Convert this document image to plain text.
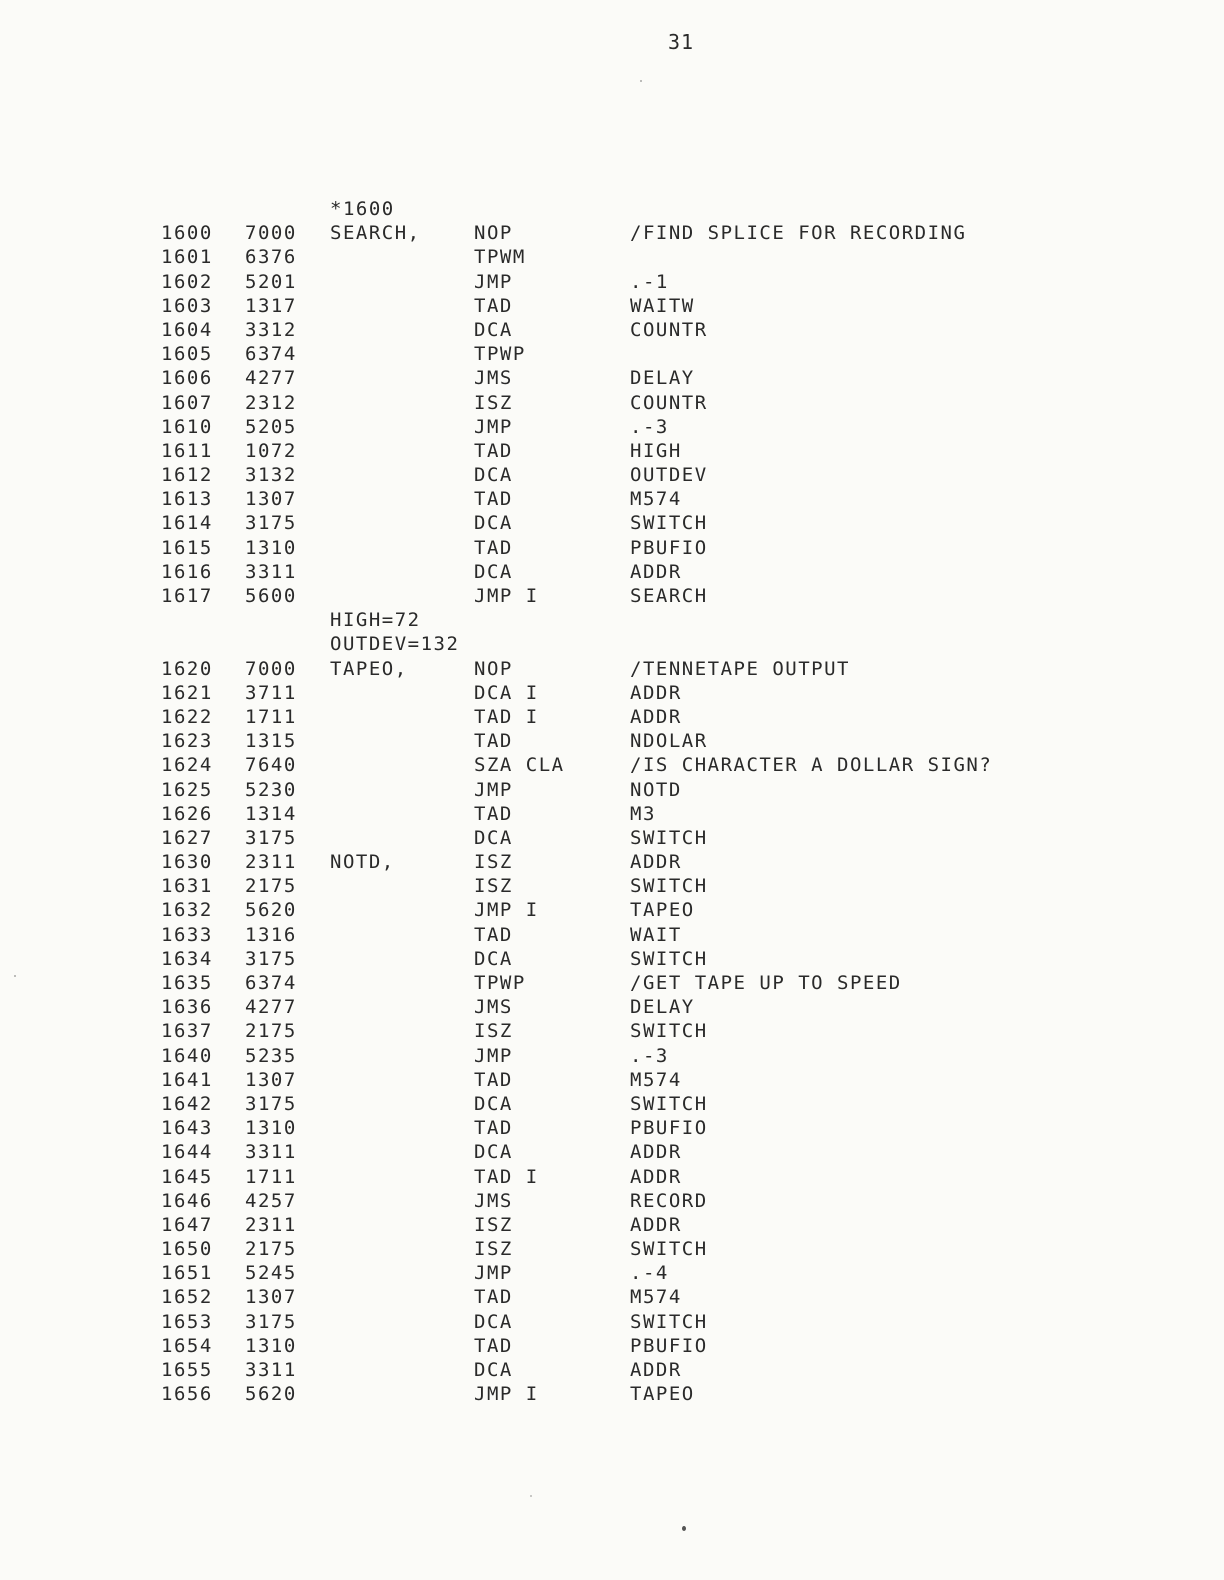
31
*1600
1600 7000 SEARCH,	NOP	/FIND SPLICE FOR RECORDING
1601 6376	TPWM
1602 5201	JMP	.-1
1603 1317	TAD	WAITW
1604 3312	DCA	COUNTR
1605 6374	TPWP
1606 4277	JMS	DELAY
1607 2312	ISZ	COUNTR
1610 5205	JMP	.-3
1611 1072	TAD	HIGH
1612 3132	DCA	OUTDEV
1613 1307	TAD	M574
1614 3175	DCA	SWITCH
1615 1310	TAD	PBUFIO
1616 3311	DCA	ADDR
1617 5600	JMP I	SEARCH
HIGH=72
OUTDEV=132
1620 7000 TAPEO,	NOP	/TENNETAPE OUTPUT
1621 3711	DCA I	ADDR
1622 1711	TAD I	ADDR
1623 1315	TAD	NDOLAR
1624 7640	SZA CLA	/IS CHARACTER A DOLLAR SIGN?
1625 5230	JMP	NOTD
1626 1314	TAD	M3
1627 3175	DCA	SWITCH
1630 2311 NOTD,	ISZ	ADDR
1631 2175	ISZ	SWITCH
1632 5620	JMP I	TAPEO
1633 1316	TAD	WAIT
1634 3175	DCA	SWITCH
1635 6374	TPWP	/GET TAPE UP TO SPEED
1636 4277	JMS	DELAY
1637 2175	ISZ	SWITCH
1640 5235	JMP	.-3
1641 1307	TAD	M574
1642 3175	DCA	SWITCH
1643 1310	TAD	PBUFIO
1644 3311	DCA	ADDR
1645 1711	TAD I	ADDR
1646 4257	JMS	RECORD
1647 2311	ISZ	ADDR
1650 2175	ISZ	SWITCH
1651 5245	JMP	.-4
1652 1307	TAD	M574
1653 3175	DCA	SWITCH
1654 1310	TAD	PBUFIO
1655 3311	DCA	ADDR
1656 5620	JMP I	TAPEO
